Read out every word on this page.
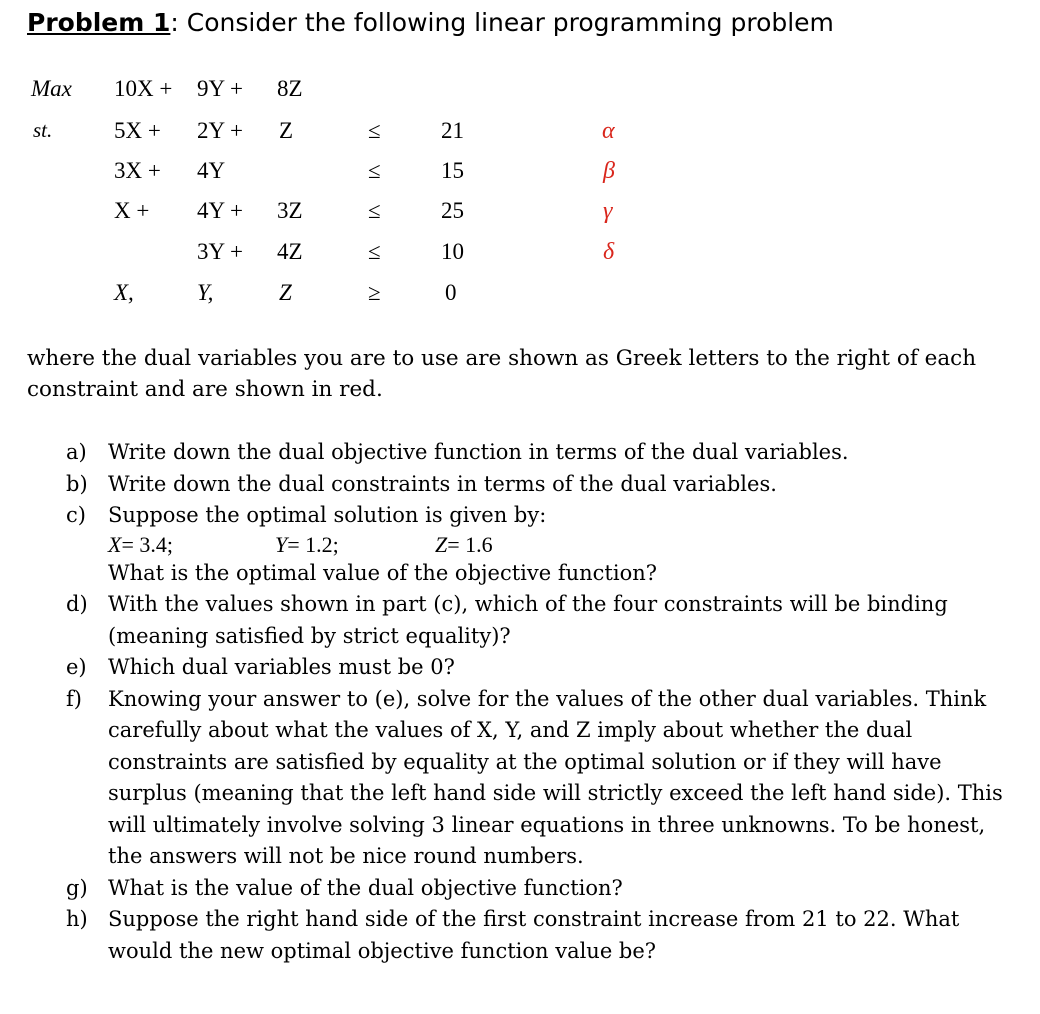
Problem 1: Consider the following linear programming problem
Max 10X + 9Y + 8Z
st.	5X + 2Y + Z	≤	21	α
3X + 4Y	≤	15	β
X + 4Y + 3Z	≤	25	γ
3Y + 4Z	≤	10	δ
X,	Y,	Z	≥	0

where the dual variables you are to use are shown as Greek letters to the right of each constraint and are shown in red.

a) Write down the dual objective function in terms of the dual variables.
b) Write down the dual constraints in terms of the dual variables.
c) Suppose the optimal solution is given by:
X= 3.4;	Y= 1.2;	Z= 1.6
What is the optimal value of the objective function?
d) With the values shown in part (c), which of the four constraints will be binding (meaning satisfied by strict equality)?
e) Which dual variables must be 0?
f) Knowing your answer to (e), solve for the values of the other dual variables. Think carefully about what the values of X, Y, and Z imply about whether the dual constraints are satisfied by equality at the optimal solution or if they will have surplus (meaning that the left hand side will strictly exceed the left hand side). This will ultimately involve solving 3 linear equations in three unknowns. To be honest, the answers will not be nice round numbers.
g) What is the value of the dual objective function?
h) Suppose the right hand side of the first constraint increase from 21 to 22. What would the new optimal objective function value be?
